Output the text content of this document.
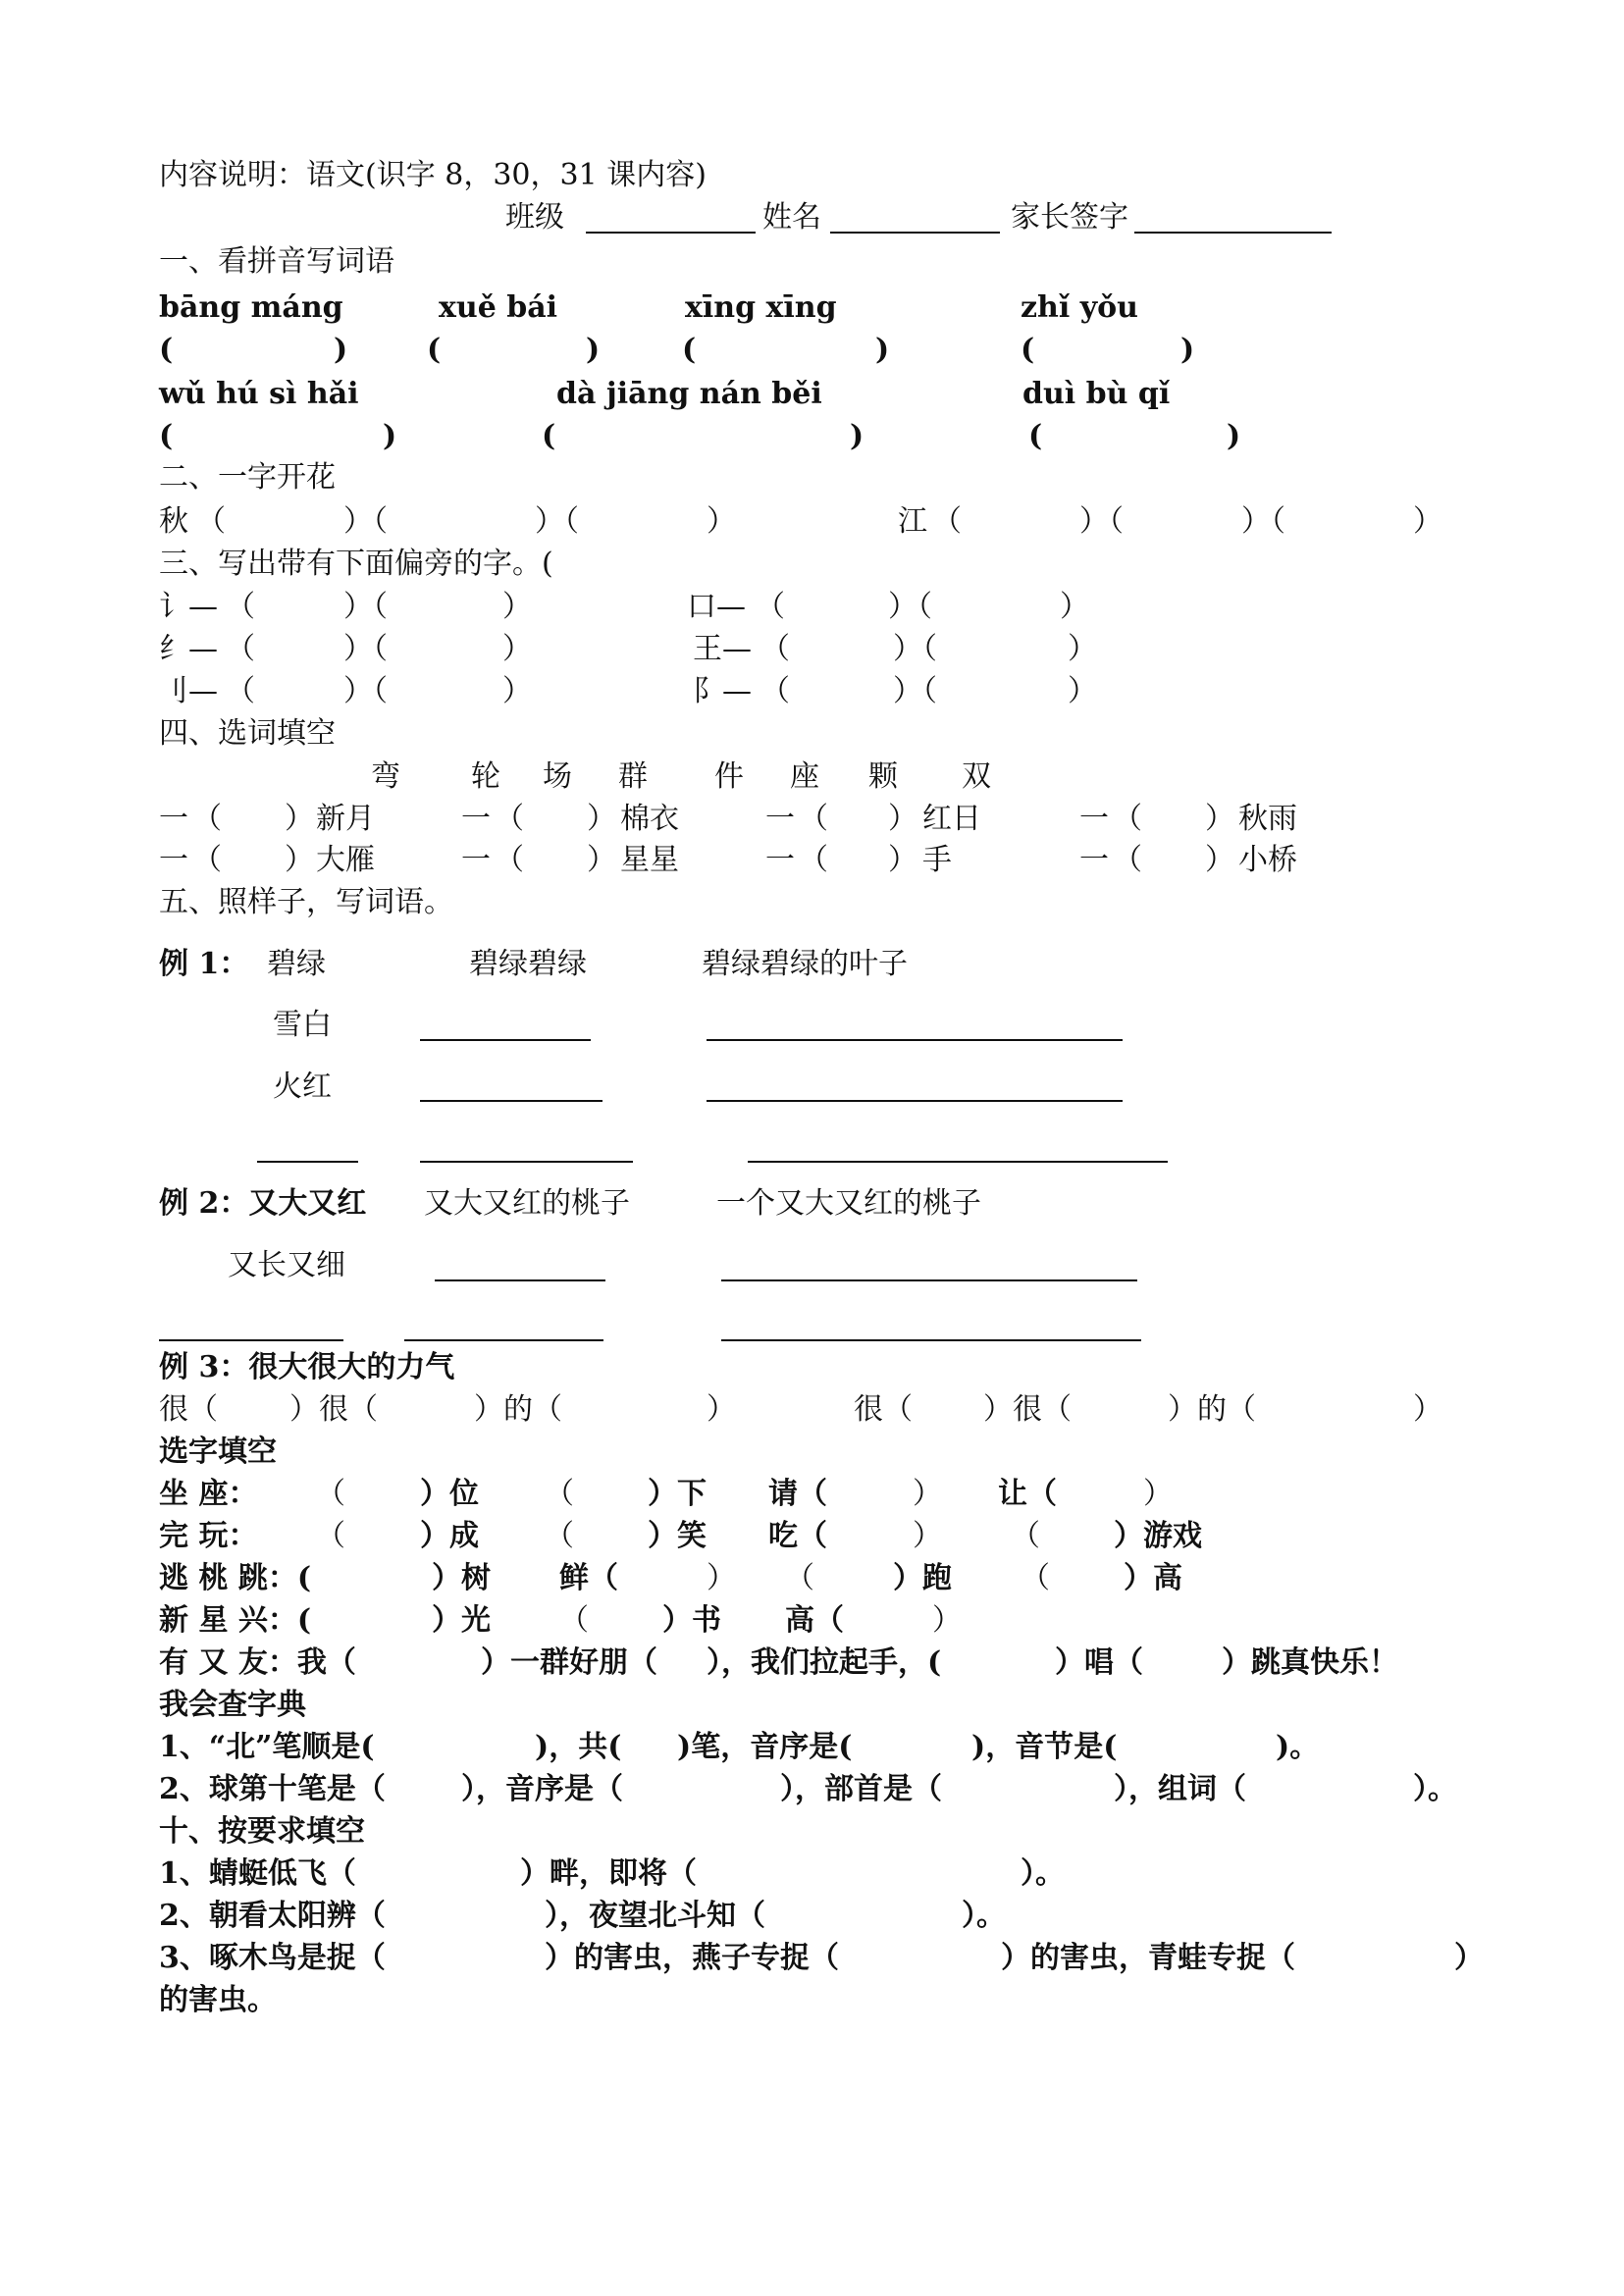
内容说明：语文(识字 8，30，31 课内容)
班级	姓名	家长签字
一、看拼音写词语
bāng máng	xuě bái	xīng xīng	zhǐ yǒu
(	)	(	)	(	)	(	)
wǔ hú sì hǎi	dà jiāng nán běi	duì bù qǐ
(	)	(	)	(	)
二、一字开花
秋 （	）（	）（	）	江 （	）（	）（	）
三、写出带有下面偏旁的字。(
讠— （	）（	）	口— （	）（	）
纟— （	）（	）	王— （	）（	）
刂— （	）（	）	阝— （	）（	）
四、选词填空
弯 轮 场 群 件 座 颗 双
一 （ ） 新月	一 （ ） 棉衣	一 （ ） 红日	一 （ ） 秋雨
一 （ ） 大雁	一 （ ） 星星	一 （ ） 手	一 （ ） 小桥
五、照样子，写词语。
例 1： 碧绿	碧绿碧绿	碧绿碧绿的叶子
雪白
火红
例 2：又大又红 又大又红的桃子	一个又大又红的桃子
又长又细
例 3：很大很大的力气
很（ ）很（	）的（	）	很（ ）很（	）的（	）
选字填空
坐 座： （	）位 （	）下 请（	） 让（	）
完 玩： （	）成 （	）笑 吃（	） （	）游戏
逃 桃 跳：(	）树 鲜（	） （	）跑 （	）高
新 星 兴：(	）光 （	）书 高（	）
有 又 友：我（	）一群好朋（ ），我们拉起手，(	）唱（	）跳真快乐！
我会查字典
1、“北”笔顺是(	)，共( )笔，音序是(	)，音节是(	)。
2、球第十笔是（	），音序是（	），部首是（	），组词（	）。
十、按要求填空
1、蜻蜓低飞（	）畔，即将（	）。
2、朝看太阳辨（	），夜望北斗知（	）。
3、啄木鸟是捉（	）的害虫，燕子专捉（	）的害虫，青蛙专捉（	）
的害虫。
